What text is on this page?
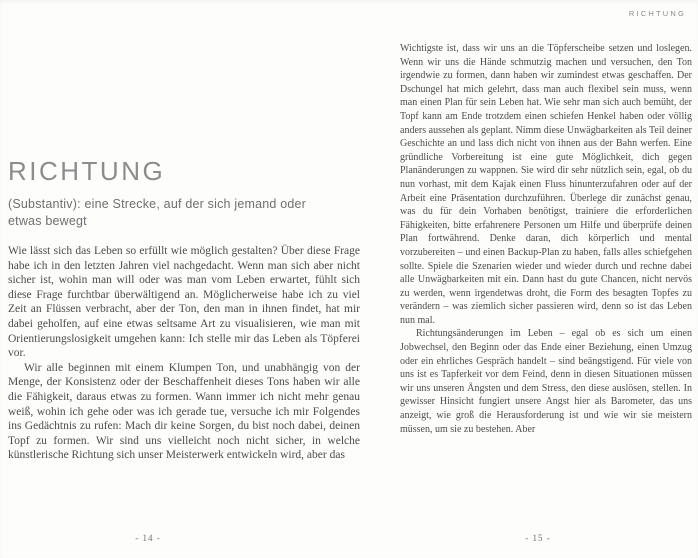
RICHTUNG
RICHTUNG
(Substantiv): eine Strecke, auf der sich jemand oder etwas bewegt

Wie lässt sich das Leben so erfüllt wie möglich gestalten? Über diese Frage habe ich in den letzten Jahren viel nachgedacht. Wenn man sich aber nicht sicher ist, wohin man will oder was man vom Leben erwartet, fühlt sich diese Frage furchtbar überwältigend an. Möglicherweise habe ich zu viel Zeit an Flüssen verbracht, aber der Ton, den man in ihnen findet, hat mir dabei geholfen, auf eine etwas seltsame Art zu visualisieren, wie man mit Orientierungslosigkeit umgehen kann: Ich stelle mir das Leben als Töpferei vor.

Wir alle beginnen mit einem Klumpen Ton, und unabhängig von der Menge, der Konsistenz oder der Beschaffenheit dieses Tons haben wir alle die Fähigkeit, daraus etwas zu formen. Wann immer ich nicht mehr genau weiß, wohin ich gehe oder was ich gerade tue, versuche ich mir Folgendes ins Gedächtnis zu rufen: Mach dir keine Sorgen, du bist noch dabei, deinen Topf zu formen. Wir sind uns vielleicht noch nicht sicher, in welche künstlerische Richtung sich unser Meisterwerk entwickeln wird, aber das

- 14 -

Wichtigste ist, dass wir uns an die Töpferscheibe setzen und loslegen. Wenn wir uns die Hände schmutzig machen und versuchen, den Ton irgendwie zu formen, dann haben wir zumindest etwas geschaffen. Der Dschungel hat mich gelehrt, dass man auch flexibel sein muss, wenn man einen Plan für sein Leben hat. Wie sehr man sich auch bemüht, der Topf kann am Ende trotzdem einen schiefen Henkel haben oder völlig anders aussehen als geplant. Nimm diese Unwägbarkeiten als Teil deiner Geschichte an und lass dich nicht von ihnen aus der Bahn werfen. Eine gründliche Vorbereitung ist eine gute Möglichkeit, dich gegen Planänderungen zu wappnen. Sie wird dir sehr nützlich sein, egal, ob du nun vorhast, mit dem Kajak einen Fluss hinunterzufahren oder auf der Arbeit eine Präsentation durchzuführen. Überlege dir zunächst genau, was du für dein Vorhaben benötigst, trainiere die erforderlichen Fähigkeiten, bitte erfahrenere Personen um Hilfe und überprüfe deinen Plan fortwährend. Denke daran, dich körperlich und mental vorzubereiten – und einen Backup-Plan zu haben, falls alles schiefgehen sollte. Spiele die Szenarien wieder und wieder durch und rechne dabei alle Unwägbarkeiten mit ein. Dann hast du gute Chancen, nicht nervös zu werden, wenn irgendetwas droht, die Form des besagten Topfes zu verändern – was ziemlich sicher passieren wird, denn so ist das Leben nun mal.

Richtungsänderungen im Leben – egal ob es sich um einen Jobwechsel, den Beginn oder das Ende einer Beziehung, einen Umzug oder ein ehrliches Gespräch handelt – sind beängstigend. Für viele von uns ist es Tapferkeit vor dem Feind, denn in diesen Situationen müssen wir uns unseren Ängsten und dem Stress, den diese auslösen, stellen. In gewisser Hinsicht fungiert unsere Angst hier als Barometer, das uns anzeigt, wie groß die Herausforderung ist und wie wir sie meistern müssen, um sie zu bestehen. Aber

- 15 -
